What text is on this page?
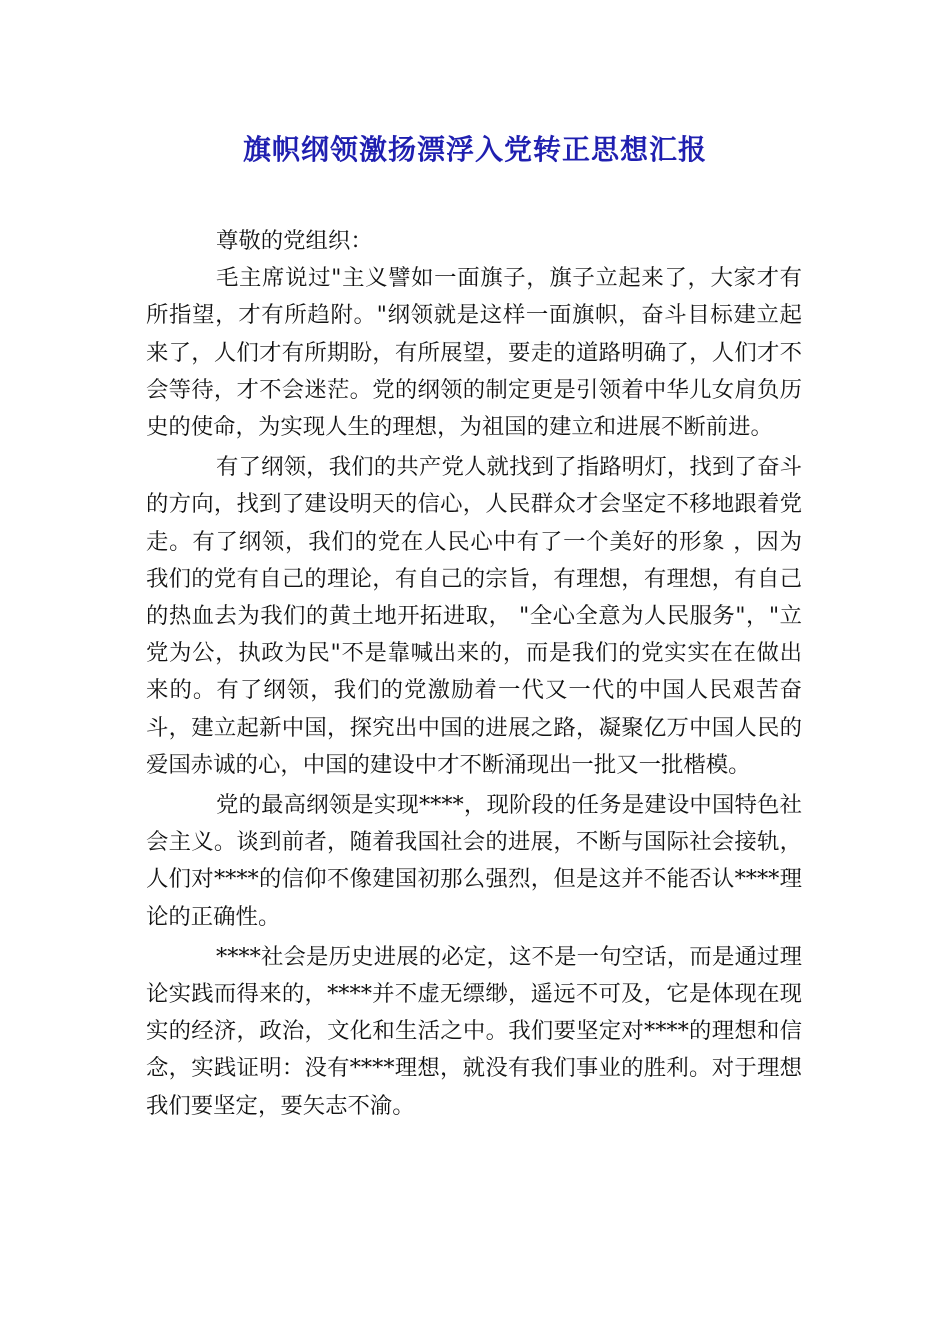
旗帜纲领激扬漂浮入党转正思想汇报

尊敬的党组织：

毛主席说过"主义譬如一面旗子，旗子立起来了，大家才有所指望，才有所趋附。"纲领就是这样一面旗帜，奋斗目标建立起来了，人们才有所期盼，有所展望，要走的道路明确了，人们才不会等待，才不会迷茫。党的纲领的制定更是引领着中华儿女肩负历史的使命，为实现人生的理想，为祖国的建立和进展不断前进。

有了纲领，我们的共产党人就找到了指路明灯，找到了奋斗的方向，找到了建设明天的信心，人民群众才会坚定不移地跟着党走。有了纲领，我们的党在人民心中有了一个美好的形象 ，因为我们的党有自己的理论，有自己的宗旨，有理想，有理想，有自己的热血去为我们的黄土地开拓进取， "全心全意为人民服务"，"立党为公，执政为民"不是靠喊出来的，而是我们的党实实在在做出来的。有了纲领，我们的党激励着一代又一代的中国人民艰苦奋斗，建立起新中国，探究出中国的进展之路，凝聚亿万中国人民的爱国赤诚的心，中国的建设中才不断涌现出一批又一批楷模。

党的最高纲领是实现****，现阶段的任务是建设中国特色社会主义。谈到前者，随着我国社会的进展，不断与国际社会接轨，人们对****的信仰不像建国初那么强烈，但是这并不能否认****理论的正确性。

****社会是历史进展的必定，这不是一句空话，而是通过理论实践而得来的，****并不虚无缥缈，遥远不可及，它是体现在现实的经济，政治，文化和生活之中。我们要坚定对****的理想和信念，实践证明：没有****理想，就没有我们事业的胜利。对于理想我们要坚定，要矢志不渝。
